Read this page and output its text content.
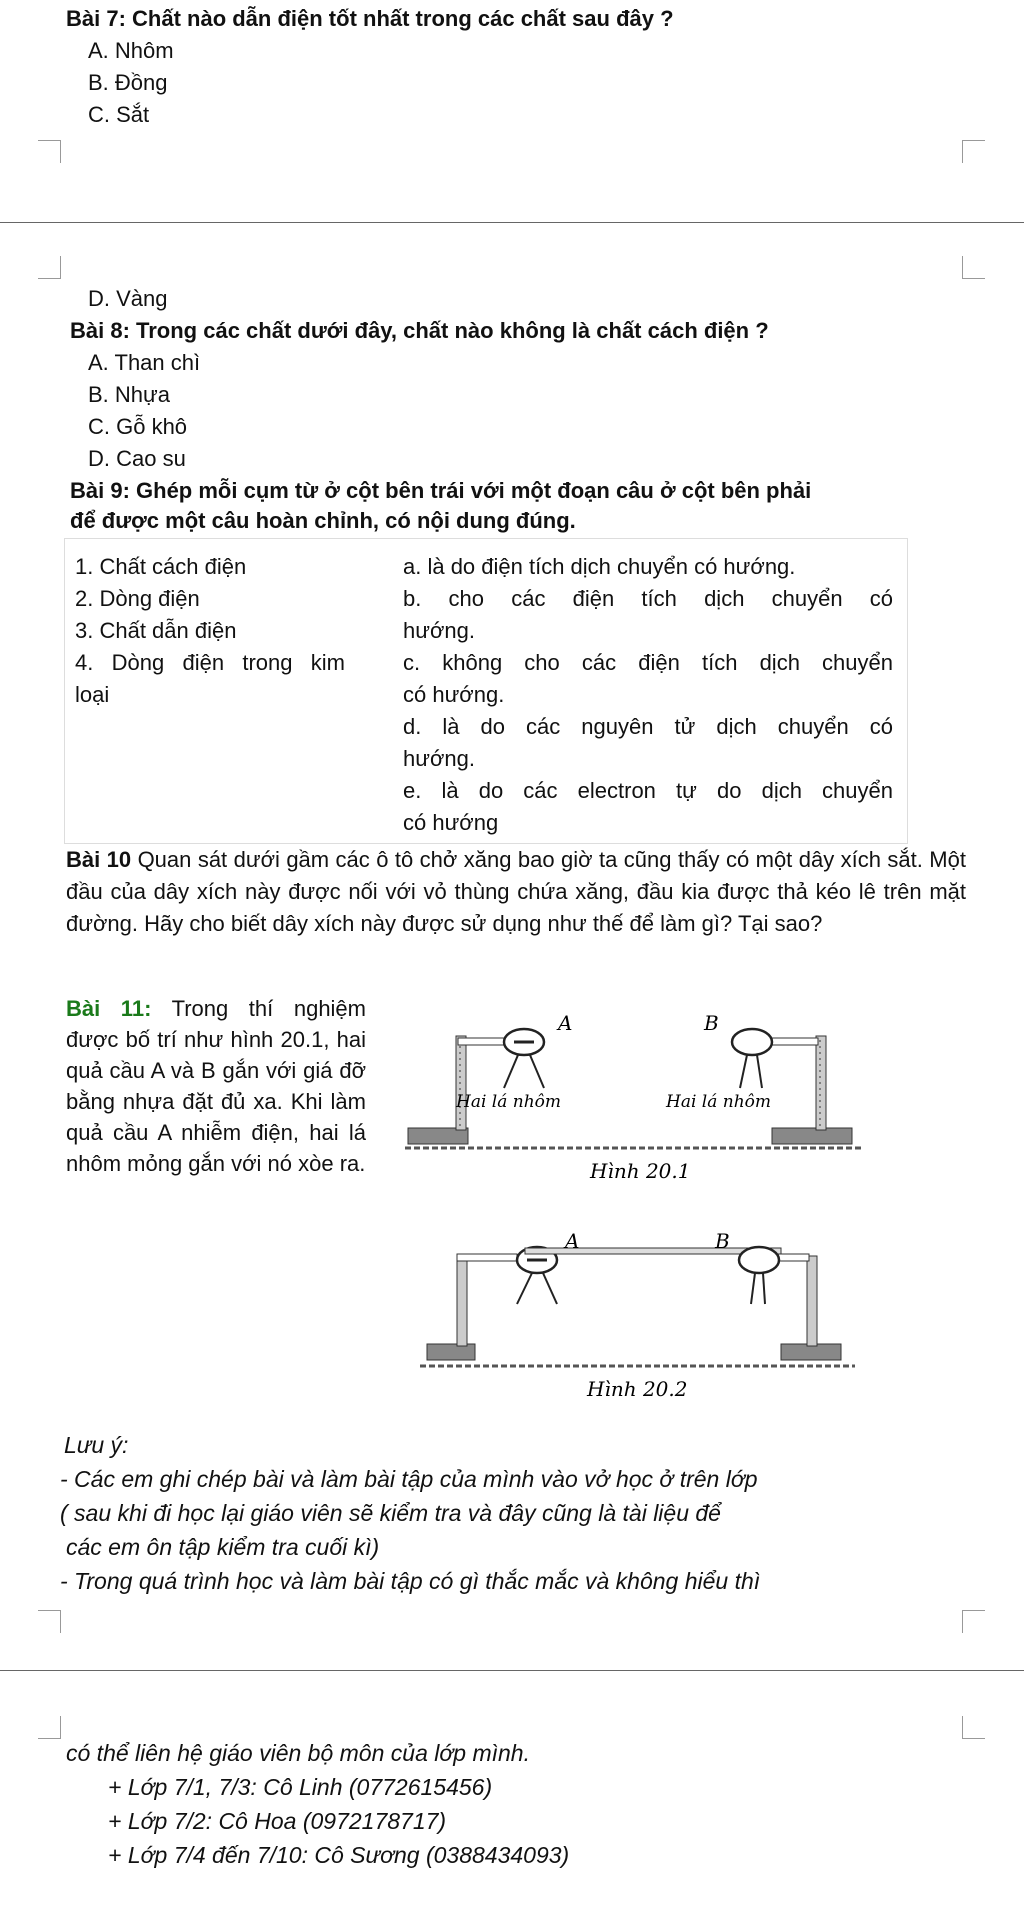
Bài 7: Chất nào dẫn điện tốt nhất trong các chất sau đây ?
A. Nhôm
B. Đồng
C. Sắt
D. Vàng
Bài 8: Trong các chất dưới đây, chất nào không là chất cách điện ?
A. Than chì
B. Nhựa
C. Gỗ khô
D. Cao su
Bài 9: Ghép mỗi cụm từ ở cột bên trái với một đoạn câu ở cột bên phải
để được một câu hoàn chỉnh, có nội dung đúng.
1. Chất cách điện
2. Dòng điện
3. Chất dẫn điện
4. Dòng điện trong kim
loại
a. là do điện tích dịch chuyển có hướng.
b. cho các điện tích dịch chuyển có
hướng.
c. không cho các điện tích dịch chuyển
có hướng.
d. là do các nguyên tử dịch chuyển có
hướng.
e. là do các electron tự do dịch chuyển
có hướng
Bài 10 Quan sát dưới gầm các ô tô chở xăng bao giờ ta cũng thấy có một dây xích sắt. Một đầu của dây xích này được nối với vỏ thùng chứa xăng, đầu kia được thả kéo lê trên mặt đường. Hãy cho biết dây xích này được sử dụng như thế để làm gì? Tại sao?
Bài 11: Trong thí nghiệm được bố trí như hình 20.1, hai quả cầu A và B gắn với giá đỡ bằng nhựa đặt đủ xa. Khi làm quả cầu A nhiễm điện, hai lá nhôm mỏng gắn với nó xòe ra.
A	B
Hai lá nhôm	Hai lá nhôm
Hình 20.1
A	B
Hình 20.2
Lưu ý:
- Các em ghi chép bài và làm bài tập của mình vào vở học ở trên lớp
( sau khi đi học lại giáo viên sẽ kiểm tra và đây cũng là tài liệu để
các em ôn tập kiểm tra cuối kì)
- Trong quá trình học và làm bài tập có gì thắc mắc và không hiểu thì
có thể liên hệ giáo viên bộ môn của lớp mình.
+ Lớp 7/1, 7/3: Cô Linh (0772615456)
+ Lớp 7/2: Cô Hoa (0972178717)
+ Lớp 7/4 đến 7/10: Cô Sương (0388434093)
